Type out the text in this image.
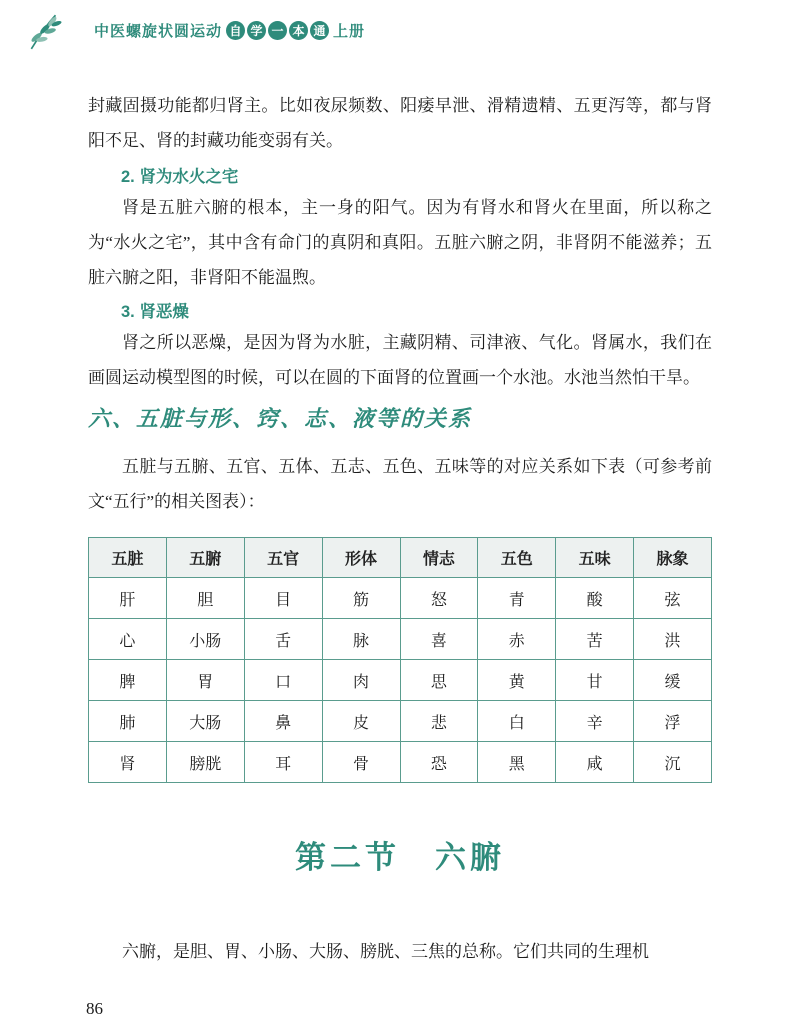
中医螺旋状圆运动 自 学 一 本 通 上册

封藏固摄功能都归肾主。比如夜尿频数、阳痿早泄、滑精遗精、五更泻等，都与肾阳不足、肾的封藏功能变弱有关。

2. 肾为水火之宅

肾是五脏六腑的根本，主一身的阳气。因为有肾水和肾火在里面，所以称之为“水火之宅”，其中含有命门的真阴和真阳。五脏六腑之阴，非肾阴不能滋养；五脏六腑之阳，非肾阳不能温煦。

3. 肾恶燥

肾之所以恶燥，是因为肾为水脏，主藏阴精、司津液、气化。肾属水，我们在画圆运动模型图的时候，可以在圆的下面肾的位置画一个水池。水池当然怕干旱。

六、五脏与形、窍、志、液等的关系

五脏与五腑、五官、五体、五志、五色、五味等的对应关系如下表（可参考前文“五行”的相关图表）：

五脏	五腑	五官	形体	情志	五色	五味	脉象
肝	胆	目	筋	怒	青	酸	弦
心	小肠	舌	脉	喜	赤	苦	洪
脾	胃	口	肉	思	黄	甘	缓
肺	大肠	鼻	皮	悲	白	辛	浮
肾	膀胱	耳	骨	恐	黑	咸	沉
第二节　六腑

六腑，是胆、胃、小肠、大肠、膀胱、三焦的总称。它们共同的生理机

86
